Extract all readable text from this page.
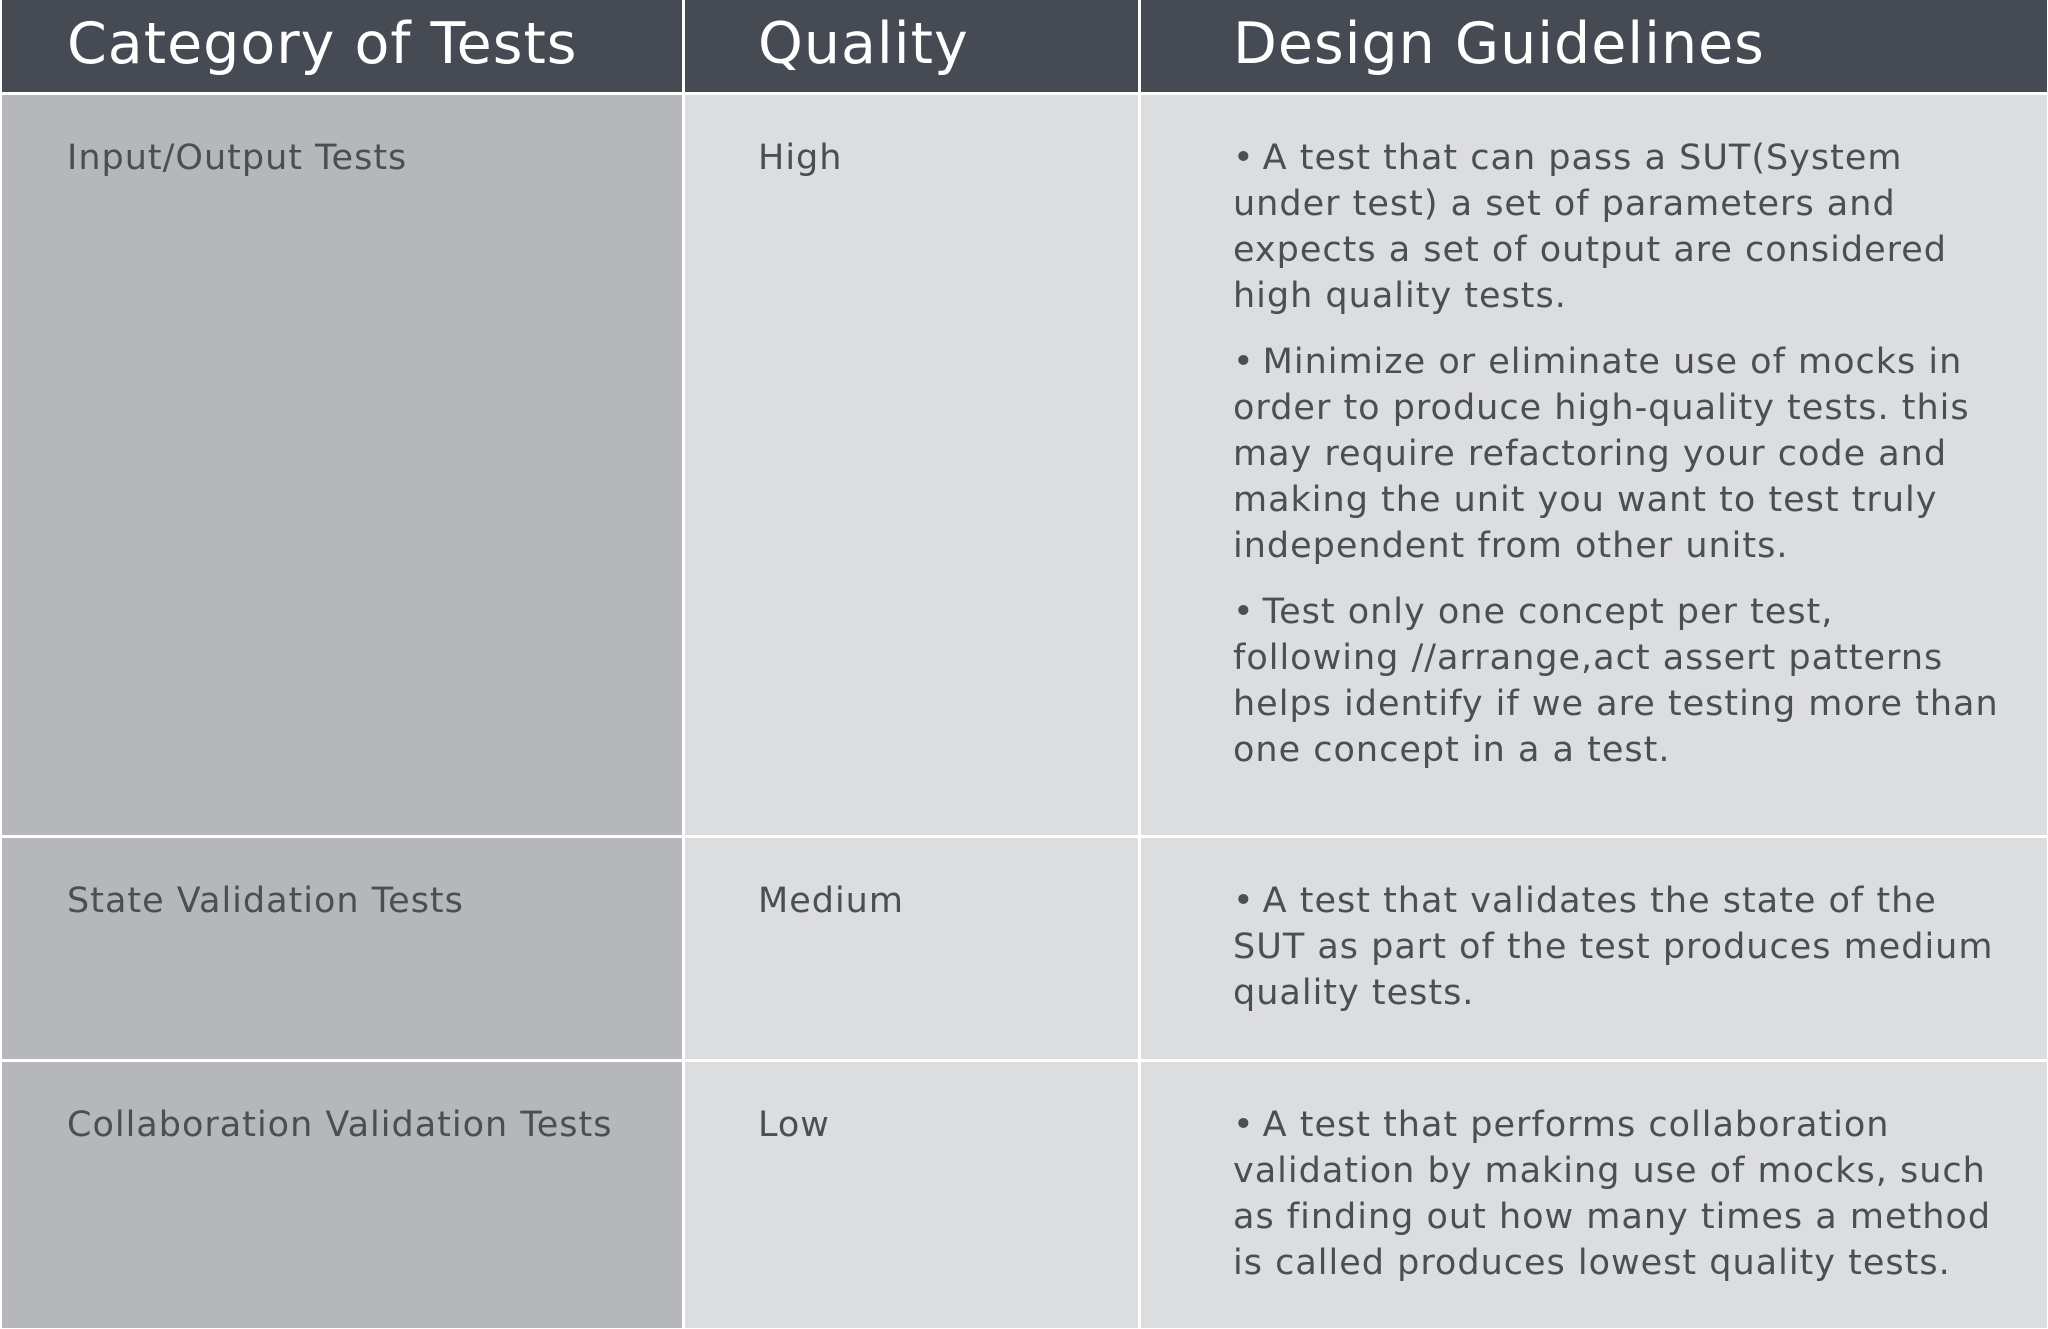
Category of Tests	Quality	Design Guidelines
Input/Output Tests	High	• A test that can pass a SUT(System under test) a set of parameters and expects a set of output are considered high quality tests.
• Minimize or eliminate use of mocks in order to produce high-quality tests. this may require refactoring your code and making the unit you want to test truly independent from other units.
• Test only one concept per test, following //arrange,act assert patterns helps identify if we are testing more than one concept in a a test.
State Validation Tests	Medium	• A test that validates the state of the SUT as part of the test produces medium quality tests.
Collaboration Validation Tests	Low	• A test that performs collaboration validation by making use of mocks, such as finding out how many times a method is called produces lowest quality tests.
